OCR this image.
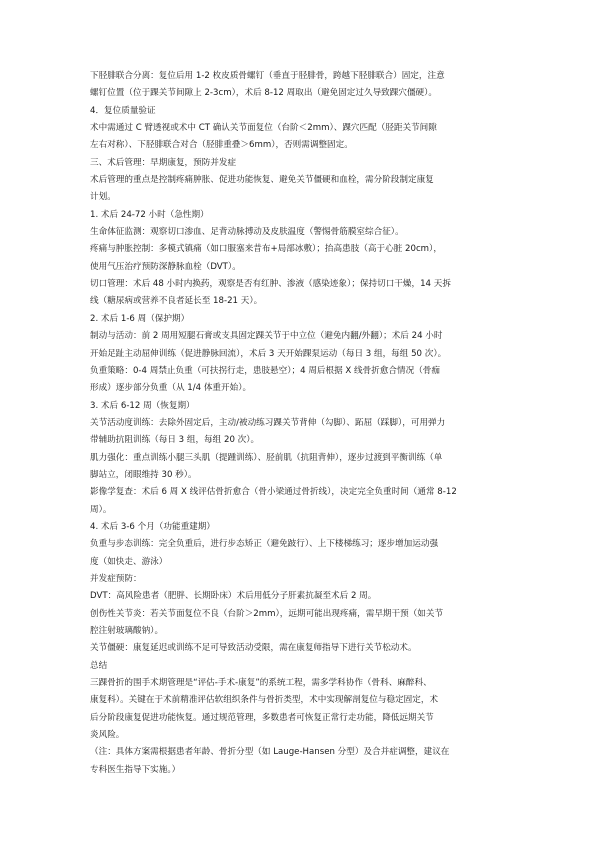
下胫腓联合分离：复位后用 1-2 枚皮质骨螺钉（垂直于胫腓骨，跨越下胫腓联合）固定，注意
螺钉位置（位于踝关节间隙上 2-3cm），术后 8-12 周取出（避免固定过久导致踝穴僵硬）。
4．复位质量验证
术中需通过 C 臂透视或术中 CT 确认关节面复位（台阶＜2mm）、踝穴匹配（胫距关节间隙
左右对称）、下胫腓联合对合（胫腓重叠＞6mm），否则需调整固定。
三、术后管理：早期康复，预防并发症
术后管理的重点是控制疼痛肿胀、促进功能恢复、避免关节僵硬和血栓，需分阶段制定康复
计划。
1. 术后 24-72 小时（急性期）
生命体征监测：观察切口渗血、足背动脉搏动及皮肤温度（警惕骨筋膜室综合征）。
疼痛与肿胀控制：多模式镇痛（如口服塞来昔布+局部冰敷）；抬高患肢（高于心脏 20cm），
使用气压治疗预防深静脉血栓（DVT）。
切口管理：术后 48 小时内换药，观察是否有红肿、渗液（感染迹象）；保持切口干燥，14 天拆
线（糖尿病或营养不良者延长至 18-21 天）。
2. 术后 1-6 周（保护期）
制动与活动：前 2 周用短腿石膏或支具固定踝关节于中立位（避免内翻/外翻）；术后 24 小时
开始足趾主动屈伸训练（促进静脉回流），术后 3 天开始踝泵运动（每日 3 组，每组 50 次）。
负重策略：0-4 周禁止负重（可扶拐行走，患肢悬空）；4 周后根据 X 线骨折愈合情况（骨痂
形成）逐步部分负重（从 1/4 体重开始）。
3. 术后 6-12 周（恢复期）
关节活动度训练：去除外固定后，主动/被动练习踝关节背伸（勾脚）、跖屈（踩脚），可用弹力
带辅助抗阻训练（每日 3 组，每组 20 次）。
肌力强化：重点训练小腿三头肌（提踵训练）、胫前肌（抗阻背伸），逐步过渡到平衡训练（单
脚站立，闭眼维持 30 秒）。
影像学复查：术后 6 周 X 线评估骨折愈合（骨小梁通过骨折线），决定完全负重时间（通常 8-12
周）。
4. 术后 3-6 个月（功能重建期）
负重与步态训练：完全负重后，进行步态矫正（避免跛行）、上下楼梯练习；逐步增加运动强
度（如快走、游泳）
并发症预防：
DVT：高风险患者（肥胖、长期卧床）术后用低分子肝素抗凝至术后 2 周。
创伤性关节炎：若关节面复位不良（台阶＞2mm），远期可能出现疼痛，需早期干预（如关节
腔注射玻璃酸钠）。
关节僵硬：康复延迟或训练不足可导致活动受限，需在康复师指导下进行关节松动术。
总结
三踝骨折的围手术期管理是“评估-手术-康复”的系统工程，需多学科协作（骨科、麻醉科、
康复科）。关键在于术前精准评估软组织条件与骨折类型，术中实现解剖复位与稳定固定，术
后分阶段康复促进功能恢复。通过规范管理，多数患者可恢复正常行走功能，降低远期关节
炎风险。
（注：具体方案需根据患者年龄、骨折分型（如 Lauge-Hansen 分型）及合并症调整，建议在
专科医生指导下实施。）
